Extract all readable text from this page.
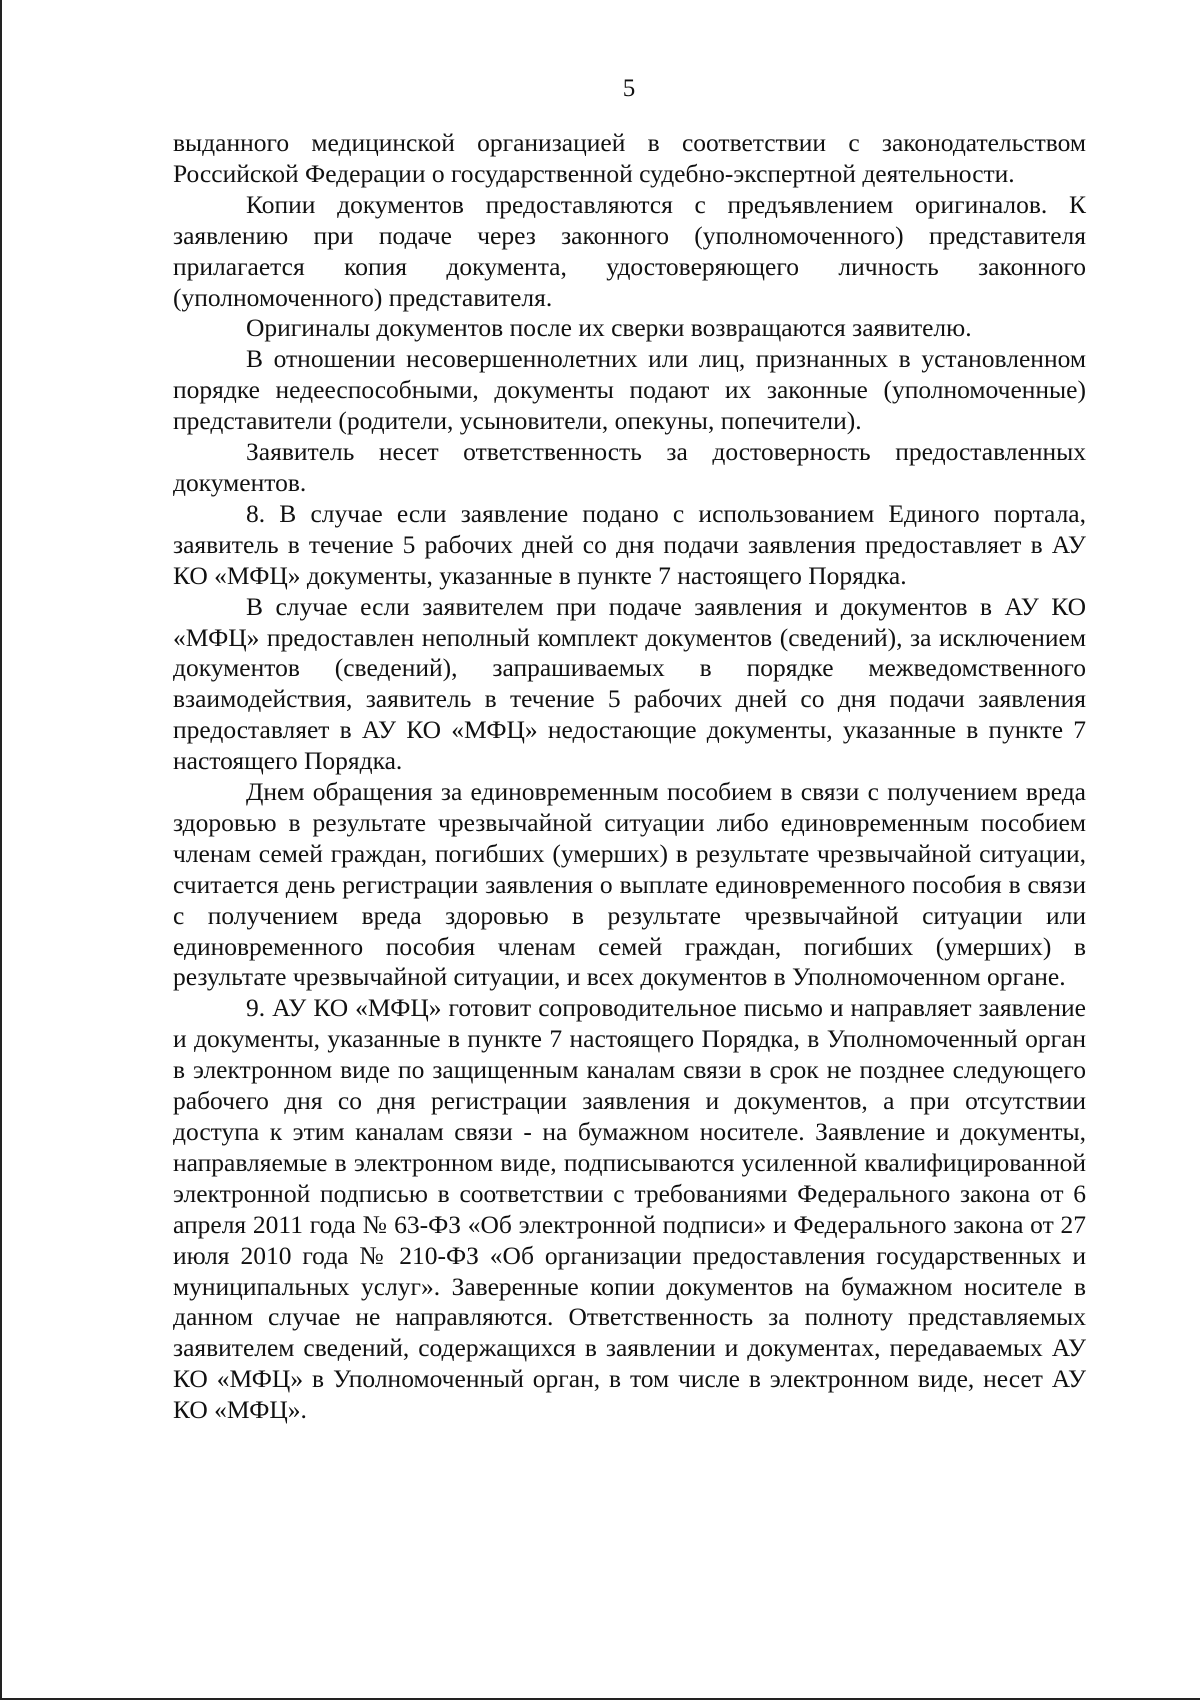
5

выданного медицинской организацией в соответствии с законодательством Российской Федерации о государственной судебно-экспертной деятельности.

Копии документов предоставляются с предъявлением оригиналов. К заявлению при подаче через законного (уполномоченного) представителя прилагается копия документа, удостоверяющего личность законного (уполномоченного) представителя.

Оригиналы документов после их сверки возвращаются заявителю.

В отношении несовершеннолетних или лиц, признанных в установленном порядке недееспособными, документы подают их законные (уполномоченные) представители (родители, усыновители, опекуны, попечители).

Заявитель несет ответственность за достоверность предоставленных документов.

8. В случае если заявление подано с использованием Единого портала, заявитель в течение 5 рабочих дней со дня подачи заявления предоставляет в АУ КО «МФЦ» документы, указанные в пункте 7 настоящего Порядка.

В случае если заявителем при подаче заявления и документов в АУ КО «МФЦ» предоставлен неполный комплект документов (сведений), за исключением документов (сведений), запрашиваемых в порядке межведомственного взаимодействия, заявитель в течение 5 рабочих дней со дня подачи заявления предоставляет в АУ КО «МФЦ» недостающие документы, указанные в пункте 7 настоящего Порядка.

Днем обращения за единовременным пособием в связи с получением вреда здоровью в результате чрезвычайной ситуации либо единовременным пособием членам семей граждан, погибших (умерших) в результате чрезвычайной ситуации, считается день регистрации заявления о выплате единовременного пособия в связи с получением вреда здоровью в результате чрезвычайной ситуации или единовременного пособия членам семей граждан, погибших (умерших) в результате чрезвычайной ситуации, и всех документов в Уполномоченном органе.

9. АУ КО «МФЦ» готовит сопроводительное письмо и направляет заявление и документы, указанные в пункте 7 настоящего Порядка, в Уполномоченный орган в электронном виде по защищенным каналам связи в срок не позднее следующего рабочего дня со дня регистрации заявления и документов, а при отсутствии доступа к этим каналам связи - на бумажном носителе. Заявление и документы, направляемые в электронном виде, подписываются усиленной квалифицированной электронной подписью в соответствии с требованиями Федерального закона от 6 апреля 2011 года № 63-ФЗ «Об электронной подписи» и Федерального закона от 27 июля 2010 года № 210-ФЗ «Об организации предоставления государственных и муниципальных услуг». Заверенные копии документов на бумажном носителе в данном случае не направляются. Ответственность за полноту представляемых заявителем сведений, содержащихся в заявлении и документах, передаваемых АУ КО «МФЦ» в Уполномоченный орган, в том числе в электронном виде, несет АУ КО «МФЦ».
